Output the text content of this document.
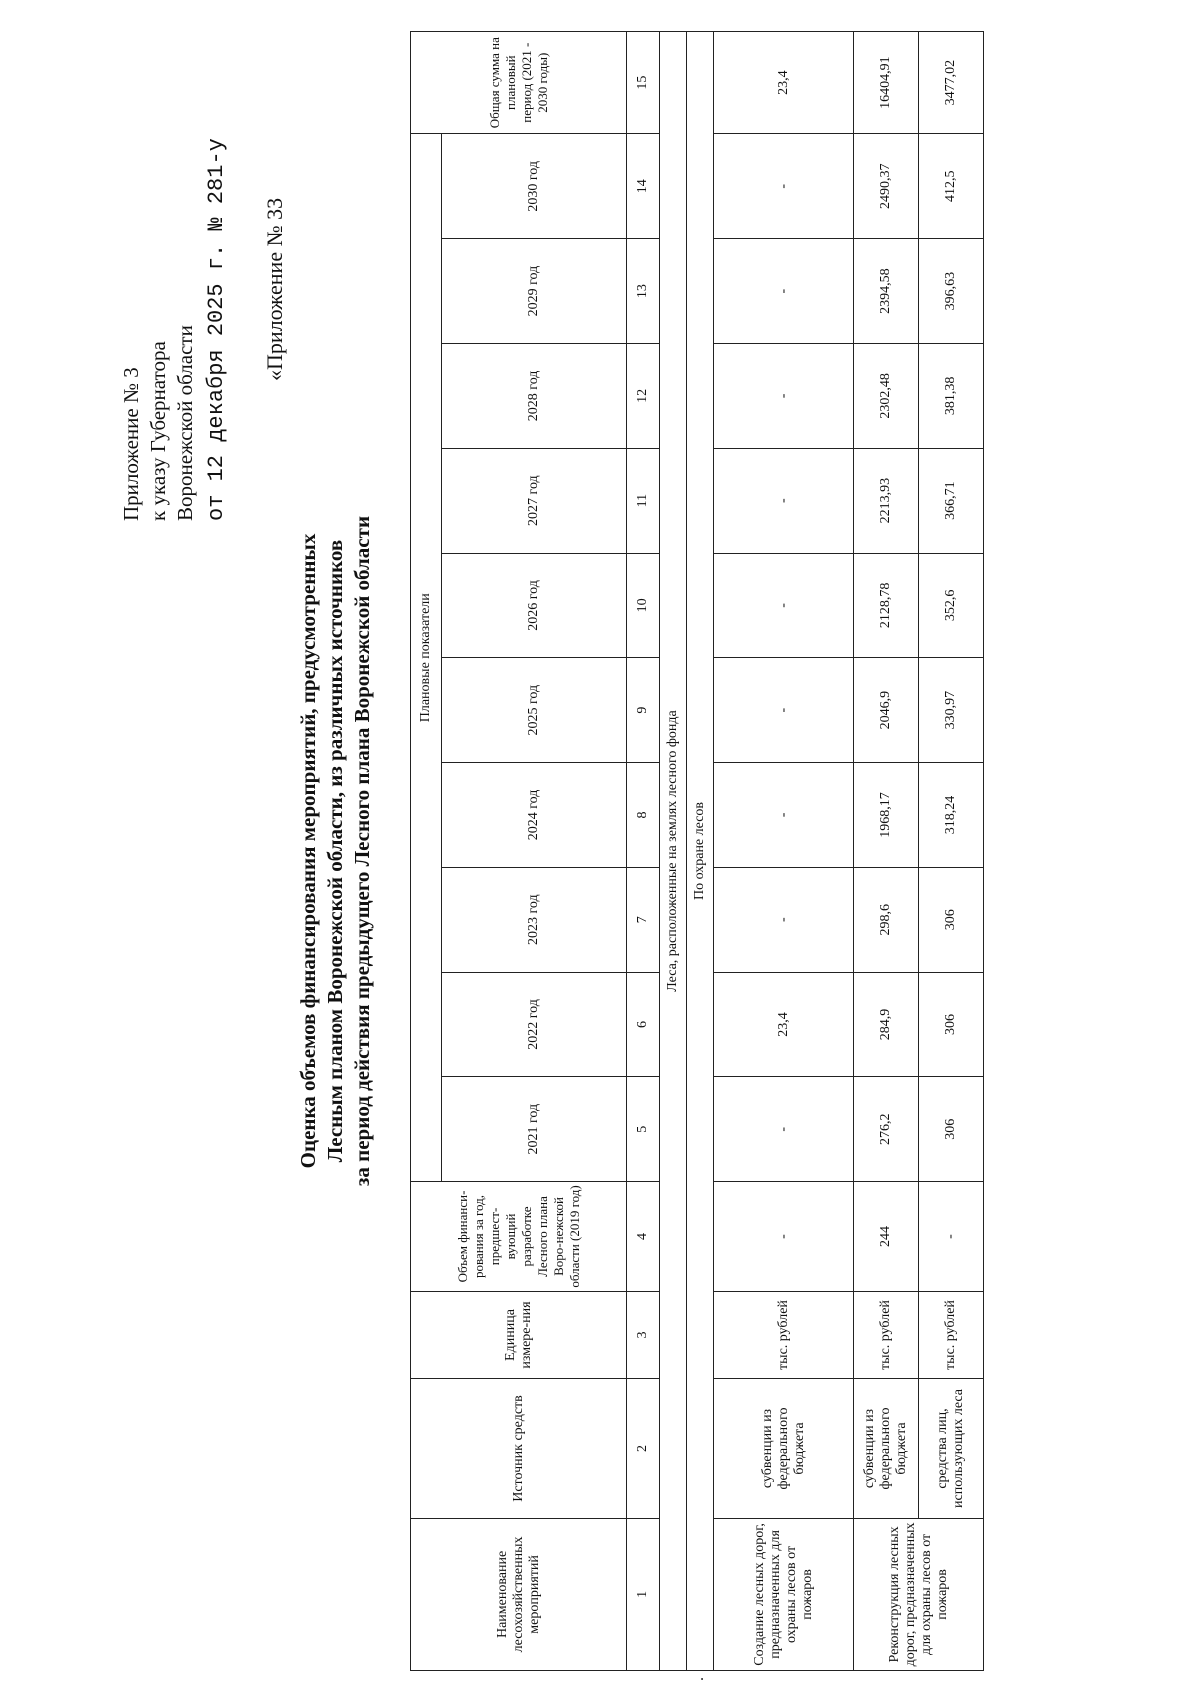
Приложение № 3 к указу Губернатора Воронежской области от 12 декабря 2025 г. № 281-у «Приложение № 33
Оценка объемов финансирования мероприятий, предусмотренных Лесным планом Воронежской области, из различных источников за период действия предыдущего Лесного плана Воронежской области
Наименование лесохозяйственных мероприятий	Источник средств	Единица измере-ния	Объем финанси-рования за год, предшест-вующий разработке Лесного плана Воро-нежской области (2019 год)	Плановые показатели										Общая сумма на плановый период (2021 - 2030 годы)
				2021 год	2022 год	2023 год	2024 год	2025 год	2026 год	2027 год	2028 год	2029 год	2030 год	
1	2	3	4	5	6	7	8	9	10	11	12	13	14	15
Леса, расположенные на землях лесного фонда														
По охране лесов														
Создание лесных дорог, предназначенных для охраны лесов от пожаров	субвенции из федерального бюджета	тыс. рублей	-	-	23,4	-	-	-	-	-	-	-	-	23,4
Реконструкция лесных дорог, предназначенных для охраны лесов от пожаров	субвенции из федерального бюджета	тыс. рублей	244	276,2	284,9	298,6	1968,17	2046,9	2128,78	2213,93	2302,48	2394,58	2490,37	16404,91
	средства лиц, использующих леса	тыс. рублей	-	306	306	306	318,24	330,97	352,6	366,71	381,38	396,63	412,5	3477,02
.
